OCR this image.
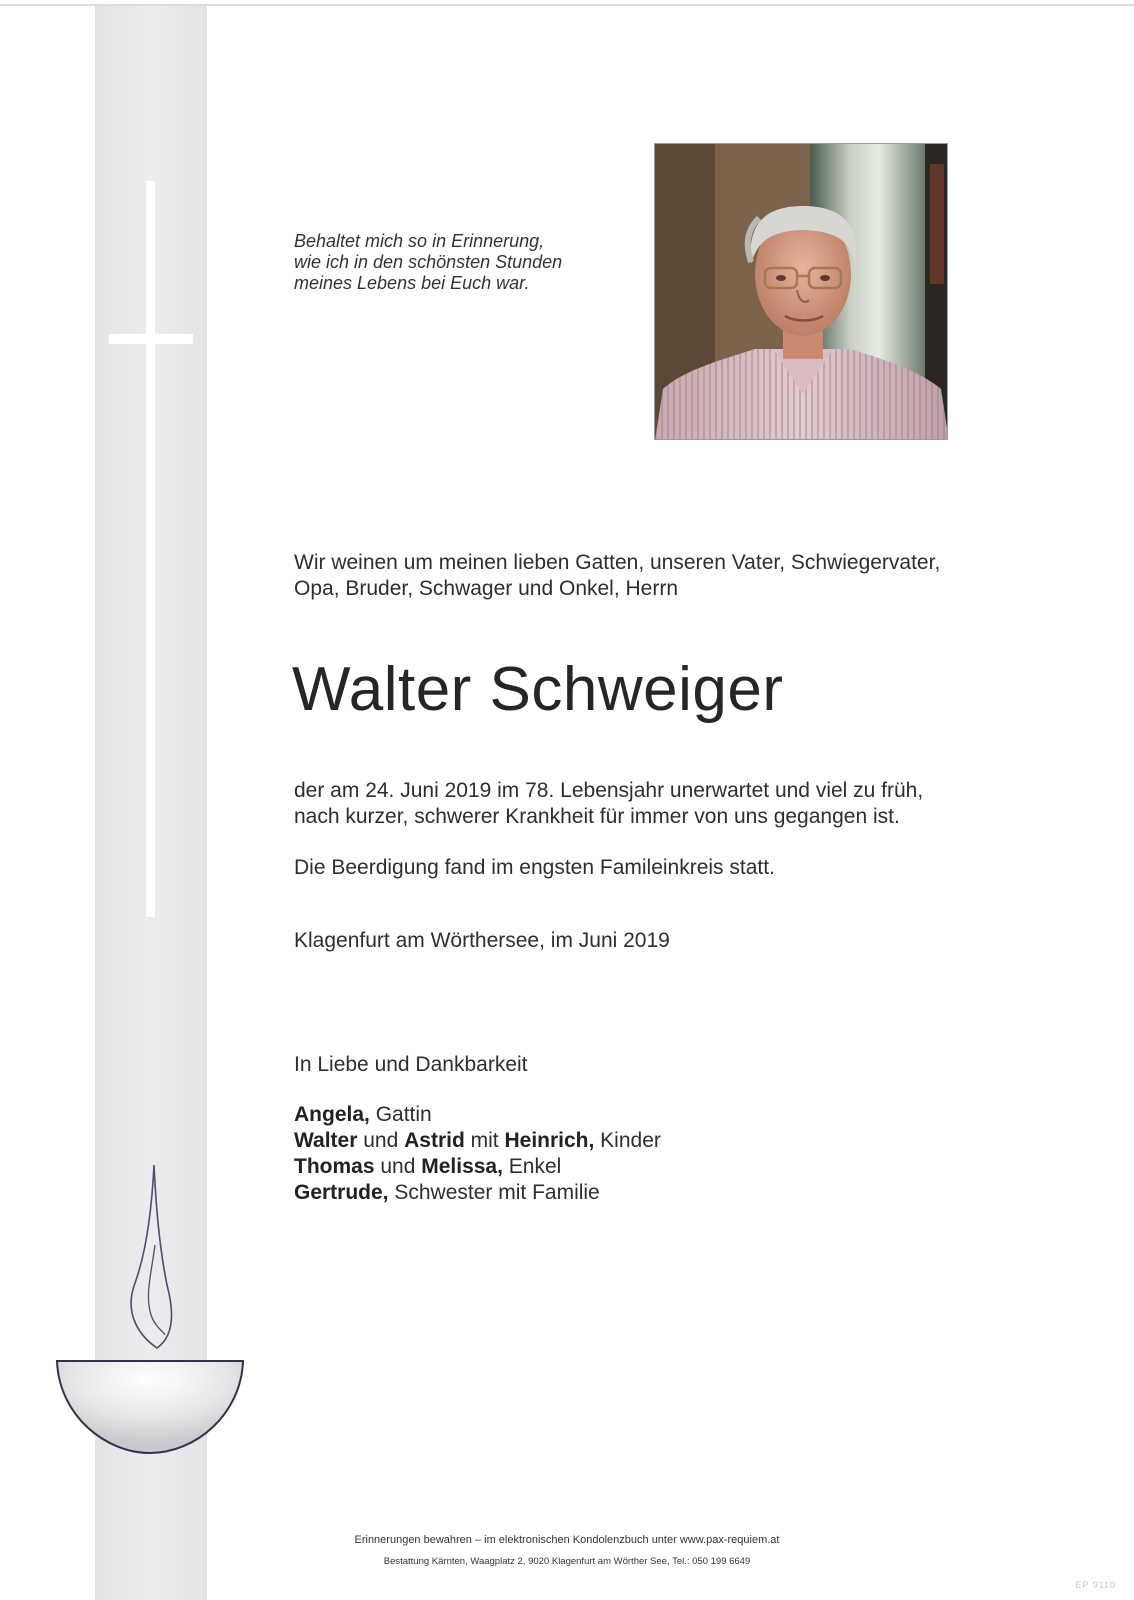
Behaltet mich so in Erinnerung,
wie ich in den schönsten Stunden
meines Lebens bei Euch war.
Wir weinen um meinen lieben Gatten, unseren Vater, Schwiegervater,
Opa, Bruder, Schwager und Onkel, Herrn
Walter Schweiger
der am 24. Juni 2019 im 78. Lebensjahr unerwartet und viel zu früh,
nach kurzer, schwerer Krankheit für immer von uns gegangen ist.
Die Beerdigung fand im engsten Famileinkreis statt.
Klagenfurt am Wörthersee, im Juni 2019
In Liebe und Dankbarkeit
Angela, Gattin
Walter und Astrid mit Heinrich, Kinder
Thomas und Melissa, Enkel
Gertrude, Schwester mit Familie
Erinnerungen bewahren – im elektronischen Kondolenzbuch unter www.pax-requiem.at
Bestattung Kärnten, Waagplatz 2, 9020 Klagenfurt am Wörther See, Tel.: 050 199 6649
EP 9110
